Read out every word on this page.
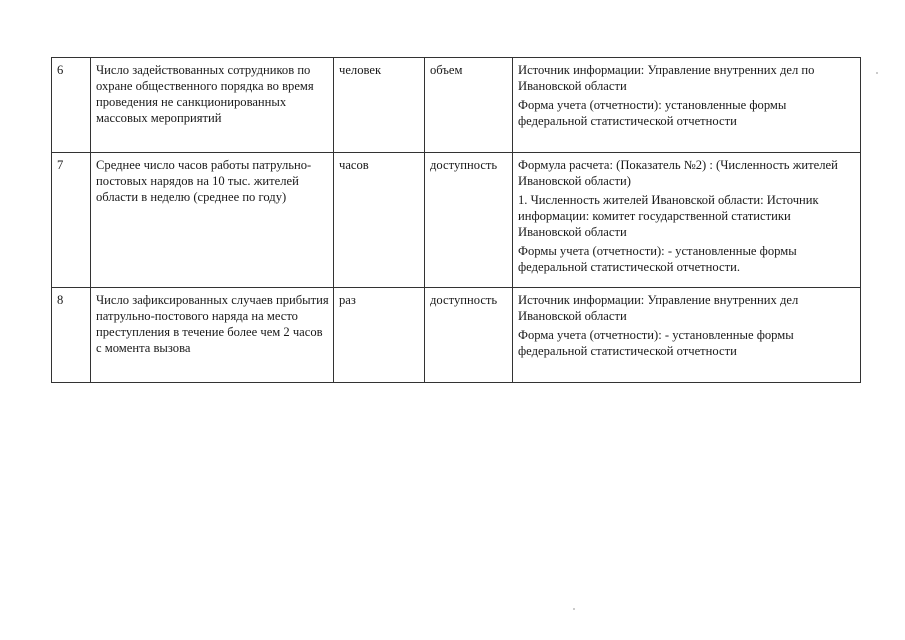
6	Число задействованных сотрудников по охране общественного порядка во время проведения не санкционированных массовых мероприятий	человек	объем	Источник информации: Управление внутренних дел по Ивановской области

Форма учета (отчетности): установленные формы федеральной статистической отчетности

7	Среднее число часов работы патрульно-постовых нарядов на 10 тыс. жителей области в неделю (среднее по году)	часов	доступность	Формула расчета: (Показатель №2) : (Численность жителей Ивановской области)

1. Численность жителей Ивановской области: Источник информации: комитет государственной статистики Ивановской области

Формы учета (отчетности): - установленные формы федеральной статистической отчетности.

8	Число зафиксированных случаев прибытия патрульно-постового наряда на место преступления в течение более чем 2 часов с момента вызова	раз	доступность	Источник информации: Управление внутренних дел Ивановской области

Форма учета (отчетности): - установленные формы федеральной статистической отчетности
